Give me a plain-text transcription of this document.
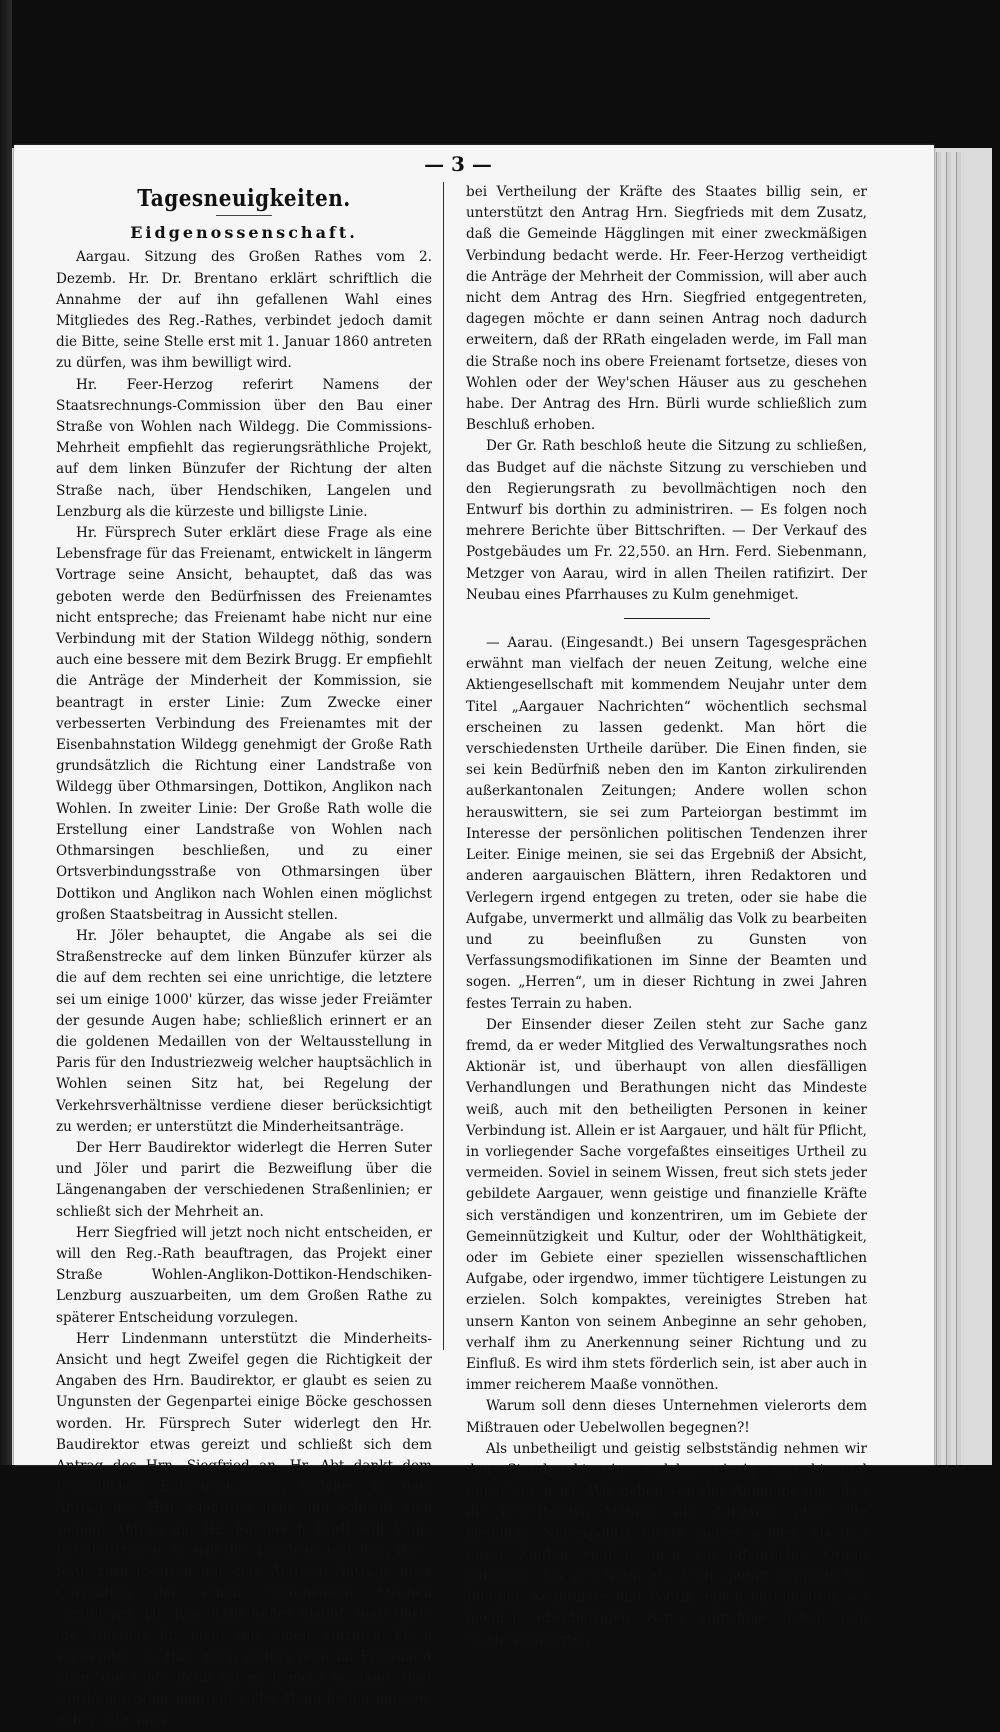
— 3 —

Tagesneuigkeiten.

Eidgenossenschaft.

Aargau. Sitzung des Großen Rathes vom 2. Dezemb. Hr. Dr. Brentano erklärt schriftlich die Annahme der auf ihn gefallenen Wahl eines Mitgliedes des Reg.-Rathes, verbindet jedoch damit die Bitte, seine Stelle erst mit 1. Januar 1860 antreten zu dürfen, was ihm bewilligt wird.

Hr. Feer-Herzog referirt Namens der Staatsrechnungs-Commission über den Bau einer Straße von Wohlen nach Wildegg. Die Commissions-Mehrheit empfiehlt das regierungsräthliche Projekt, auf dem linken Bünzufer der Richtung der alten Straße nach, über Hendschiken, Langelen und Lenzburg als die kürzeste und billigste Linie.

Hr. Fürsprech Suter erklärt diese Frage als eine Lebensfrage für das Freienamt, entwickelt in längerm Vortrage seine Ansicht, behauptet, daß das was geboten werde den Bedürfnissen des Freienamtes nicht entspreche; das Freienamt habe nicht nur eine Verbindung mit der Station Wildegg nöthig, sondern auch eine bessere mit dem Bezirk Brugg. Er empfiehlt die Anträge der Minderheit der Kommission, sie beantragt in erster Linie: Zum Zwecke einer verbesserten Verbindung des Freienamtes mit der Eisenbahnstation Wildegg genehmigt der Große Rath grundsätzlich die Richtung einer Landstraße von Wildegg über Othmarsingen, Dottikon, Anglikon nach Wohlen. In zweiter Linie: Der Große Rath wolle die Erstellung einer Landstraße von Wohlen nach Othmarsingen beschließen, und zu einer Ortsverbindungsstraße von Othmarsingen über Dottikon und Anglikon nach Wohlen einen möglichst großen Staatsbeitrag in Aussicht stellen.

Hr. Jöler behauptet, die Angabe als sei die Straßenstrecke auf dem linken Bünzufer kürzer als die auf dem rechten sei eine unrichtige, die letztere sei um einige 1000' kürzer, das wisse jeder Freiämter der gesunde Augen habe; schließlich erinnert er an die goldenen Medaillen von der Weltausstellung in Paris für den Industriezweig welcher hauptsächlich in Wohlen seinen Sitz hat, bei Regelung der Verkehrsverhältnisse verdiene dieser berücksichtigt zu werden; er unterstützt die Minderheitsanträge.

Der Herr Baudirektor widerlegt die Herren Suter und Jöler und parirt die Bezweiflung über die Längenangaben der verschiedenen Straßenlinien; er schließt sich der Mehrheit an.

Herr Siegfried will jetzt noch nicht entscheiden, er will den Reg.-Rath beauftragen, das Projekt einer Straße Wohlen-Anglikon-Dottikon-Hendschiken-Lenzburg auszuarbeiten, um dem Großen Rathe zu späterer Entscheidung vorzulegen.

Herr Lindenmann unterstützt die Minderheits-Ansicht und hegt Zweifel gegen die Richtigkeit der Angaben des Hrn. Baudirektor, er glaubt es seien zu Ungunsten der Gegenpartei einige Böcke geschossen worden. Hr. Fürsprech Suter widerlegt den Hr. Baudirektor etwas gereizt und schließt sich dem Antrag des Hrn. Siegfried an. Hr. Abt dankt dem freundlichen Entgegenkommen welches in dem Antrag des Hrn. Siegfried liegt und schließt sich seinem Antrag an. Hr. Fürsprech Bürli will keine Parallelstraßen, er will die Angelegenheit dem Reg.-Rath zurückweisen mit dem Auftrag, Anträge über Correktion der schon bestehenden Straßen vorzulegen. Hr. Reg.-Rath Keller glaubt, man dürfe die 700,000 Fr. nicht auf einen einzigen Fleck verwenden, es thue noch anders noth im Freienamt oben, die wilde Reuß sei noch nicht gezähmt, dort werde der Staat bald mit voller Hand helfen müssen, daher solle man

bei Vertheilung der Kräfte des Staates billig sein, er unterstützt den Antrag Hrn. Siegfrieds mit dem Zusatz, daß die Gemeinde Hägglingen mit einer zweckmäßigen Verbindung bedacht werde. Hr. Feer-Herzog vertheidigt die Anträge der Mehrheit der Commission, will aber auch nicht dem Antrag des Hrn. Siegfried entgegentreten, dagegen möchte er dann seinen Antrag noch dadurch erweitern, daß der RRath eingeladen werde, im Fall man die Straße noch ins obere Freienamt fortsetze, dieses von Wohlen oder der Wey'schen Häuser aus zu geschehen habe. Der Antrag des Hrn. Bürli wurde schließlich zum Beschluß erhoben.

Der Gr. Rath beschloß heute die Sitzung zu schließen, das Budget auf die nächste Sitzung zu verschieben und den Regierungsrath zu bevollmächtigen noch den Entwurf bis dorthin zu administriren. — Es folgen noch mehrere Berichte über Bittschriften. — Der Verkauf des Postgebäudes um Fr. 22,550. an Hrn. Ferd. Siebenmann, Metzger von Aarau, wird in allen Theilen ratifizirt. Der Neubau eines Pfarrhauses zu Kulm genehmiget.

— Aarau. (Eingesandt.) Bei unsern Tagesgesprächen erwähnt man vielfach der neuen Zeitung, welche eine Aktiengesellschaft mit kommendem Neujahr unter dem Titel „Aargauer Nachrichten“ wöchentlich sechsmal erscheinen zu lassen gedenkt. Man hört die verschiedensten Urtheile darüber. Die Einen finden, sie sei kein Bedürfniß neben den im Kanton zirkulirenden außerkantonalen Zeitungen; Andere wollen schon herauswittern, sie sei zum Parteiorgan bestimmt im Interesse der persönlichen politischen Tendenzen ihrer Leiter. Einige meinen, sie sei das Ergebniß der Absicht, anderen aargauischen Blättern, ihren Redaktoren und Verlegern irgend entgegen zu treten, oder sie habe die Aufgabe, unvermerkt und allmälig das Volk zu bearbeiten und zu beeinflußen zu Gunsten von Verfassungsmodifikationen im Sinne der Beamten und sogen. „Herren“, um in dieser Richtung in zwei Jahren festes Terrain zu haben.

Der Einsender dieser Zeilen steht zur Sache ganz fremd, da er weder Mitglied des Verwaltungsrathes noch Aktionär ist, und überhaupt von allen diesfälligen Verhandlungen und Berathungen nicht das Mindeste weiß, auch mit den betheiligten Personen in keiner Verbindung ist. Allein er ist Aargauer, und hält für Pflicht, in vorliegender Sache vorgefaßtes einseitiges Urtheil zu vermeiden. Soviel in seinem Wissen, freut sich stets jeder gebildete Aargauer, wenn geistige und finanzielle Kräfte sich verständigen und konzentriren, um im Gebiete der Gemeinnützigkeit und Kultur, oder der Wohlthätigkeit, oder im Gebiete einer speziellen wissenschaftlichen Aufgabe, oder irgendwo, immer tüchtigere Leistungen zu erzielen. Solch kompaktes, vereinigtes Streben hat unsern Kanton von seinem Anbeginne an sehr gehoben, verhalf ihm zu Anerkennung seiner Richtung und zu Einfluß. Es wird ihm stets förderlich sein, ist aber auch in immer reicherem Maaße vonnöthen.

Warum soll denn dieses Unternehmen vielerorts dem Mißtrauen oder Uebelwollen begegnen?!

Als unbetheiligt und geistig selbstständig nehmen wir den Standpunkt ein, welcher einzig gerecht und unparteiisch ist. Wir gehen von der Annahme aus, daß die betreffenden Männer, alle Aargauer, ohne alle kleinliche Nebenpolitik nichts anders wollen, als daß unser Kanton endlich auch ein öffentliches Organ aufweise, das gleichsam als Zentralpunkt aargauischer Bildung, Kenntnisse und Politik, einen ehrenhaften, wo möglich ebenbürtigen Rang einnehme neben den wohlrenommirten
